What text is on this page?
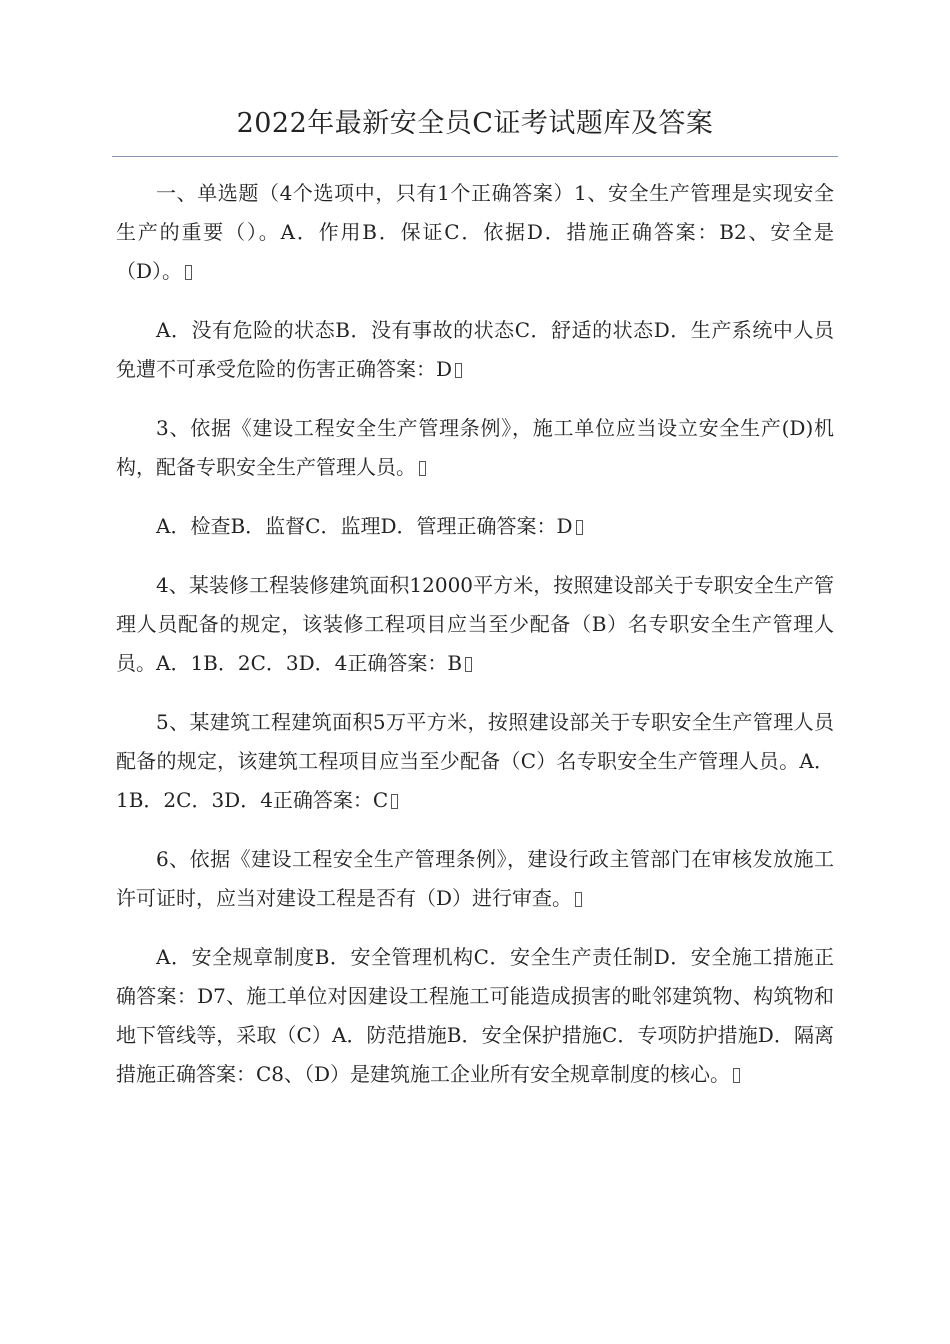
2022年最新安全员C证考试题库及答案

一、单选题（4个选项中，只有1个正确答案）1、安全生产管理是实现安全生产的重要（）。A．作用B．保证C．依据D．措施正确答案：B2、安全是（D）。

A．没有危险的状态B．没有事故的状态C．舒适的状态D．生产系统中人员免遭不可承受危险的伤害正确答案：D

3、依据《建设工程安全生产管理条例》，施工单位应当设立安全生产(D)机构，配备专职安全生产管理人员。

A．检查B．监督C．监理D．管理正确答案：D

4、某装修工程装修建筑面积12000平方米，按照建设部关于专职安全生产管理人员配备的规定，该装修工程项目应当至少配备（B）名专职安全生产管理人员。A．1B．2C．3D．4正确答案：B

5、某建筑工程建筑面积5万平方米，按照建设部关于专职安全生产管理人员配备的规定，该建筑工程项目应当至少配备（C）名专职安全生产管理人员。A．1B．2C．3D．4正确答案：C

6、依据《建设工程安全生产管理条例》，建设行政主管部门在审核发放施工许可证时，应当对建设工程是否有（D）进行审查。

A．安全规章制度B．安全管理机构C．安全生产责任制D．安全施工措施正确答案：D7、施工单位对因建设工程施工可能造成损害的毗邻建筑物、构筑物和地下管线等，采取（C）A．防范措施B．安全保护措施C．专项防护措施D．隔离措施正确答案：C8、（D）是建筑施工企业所有安全规章制度的核心。
